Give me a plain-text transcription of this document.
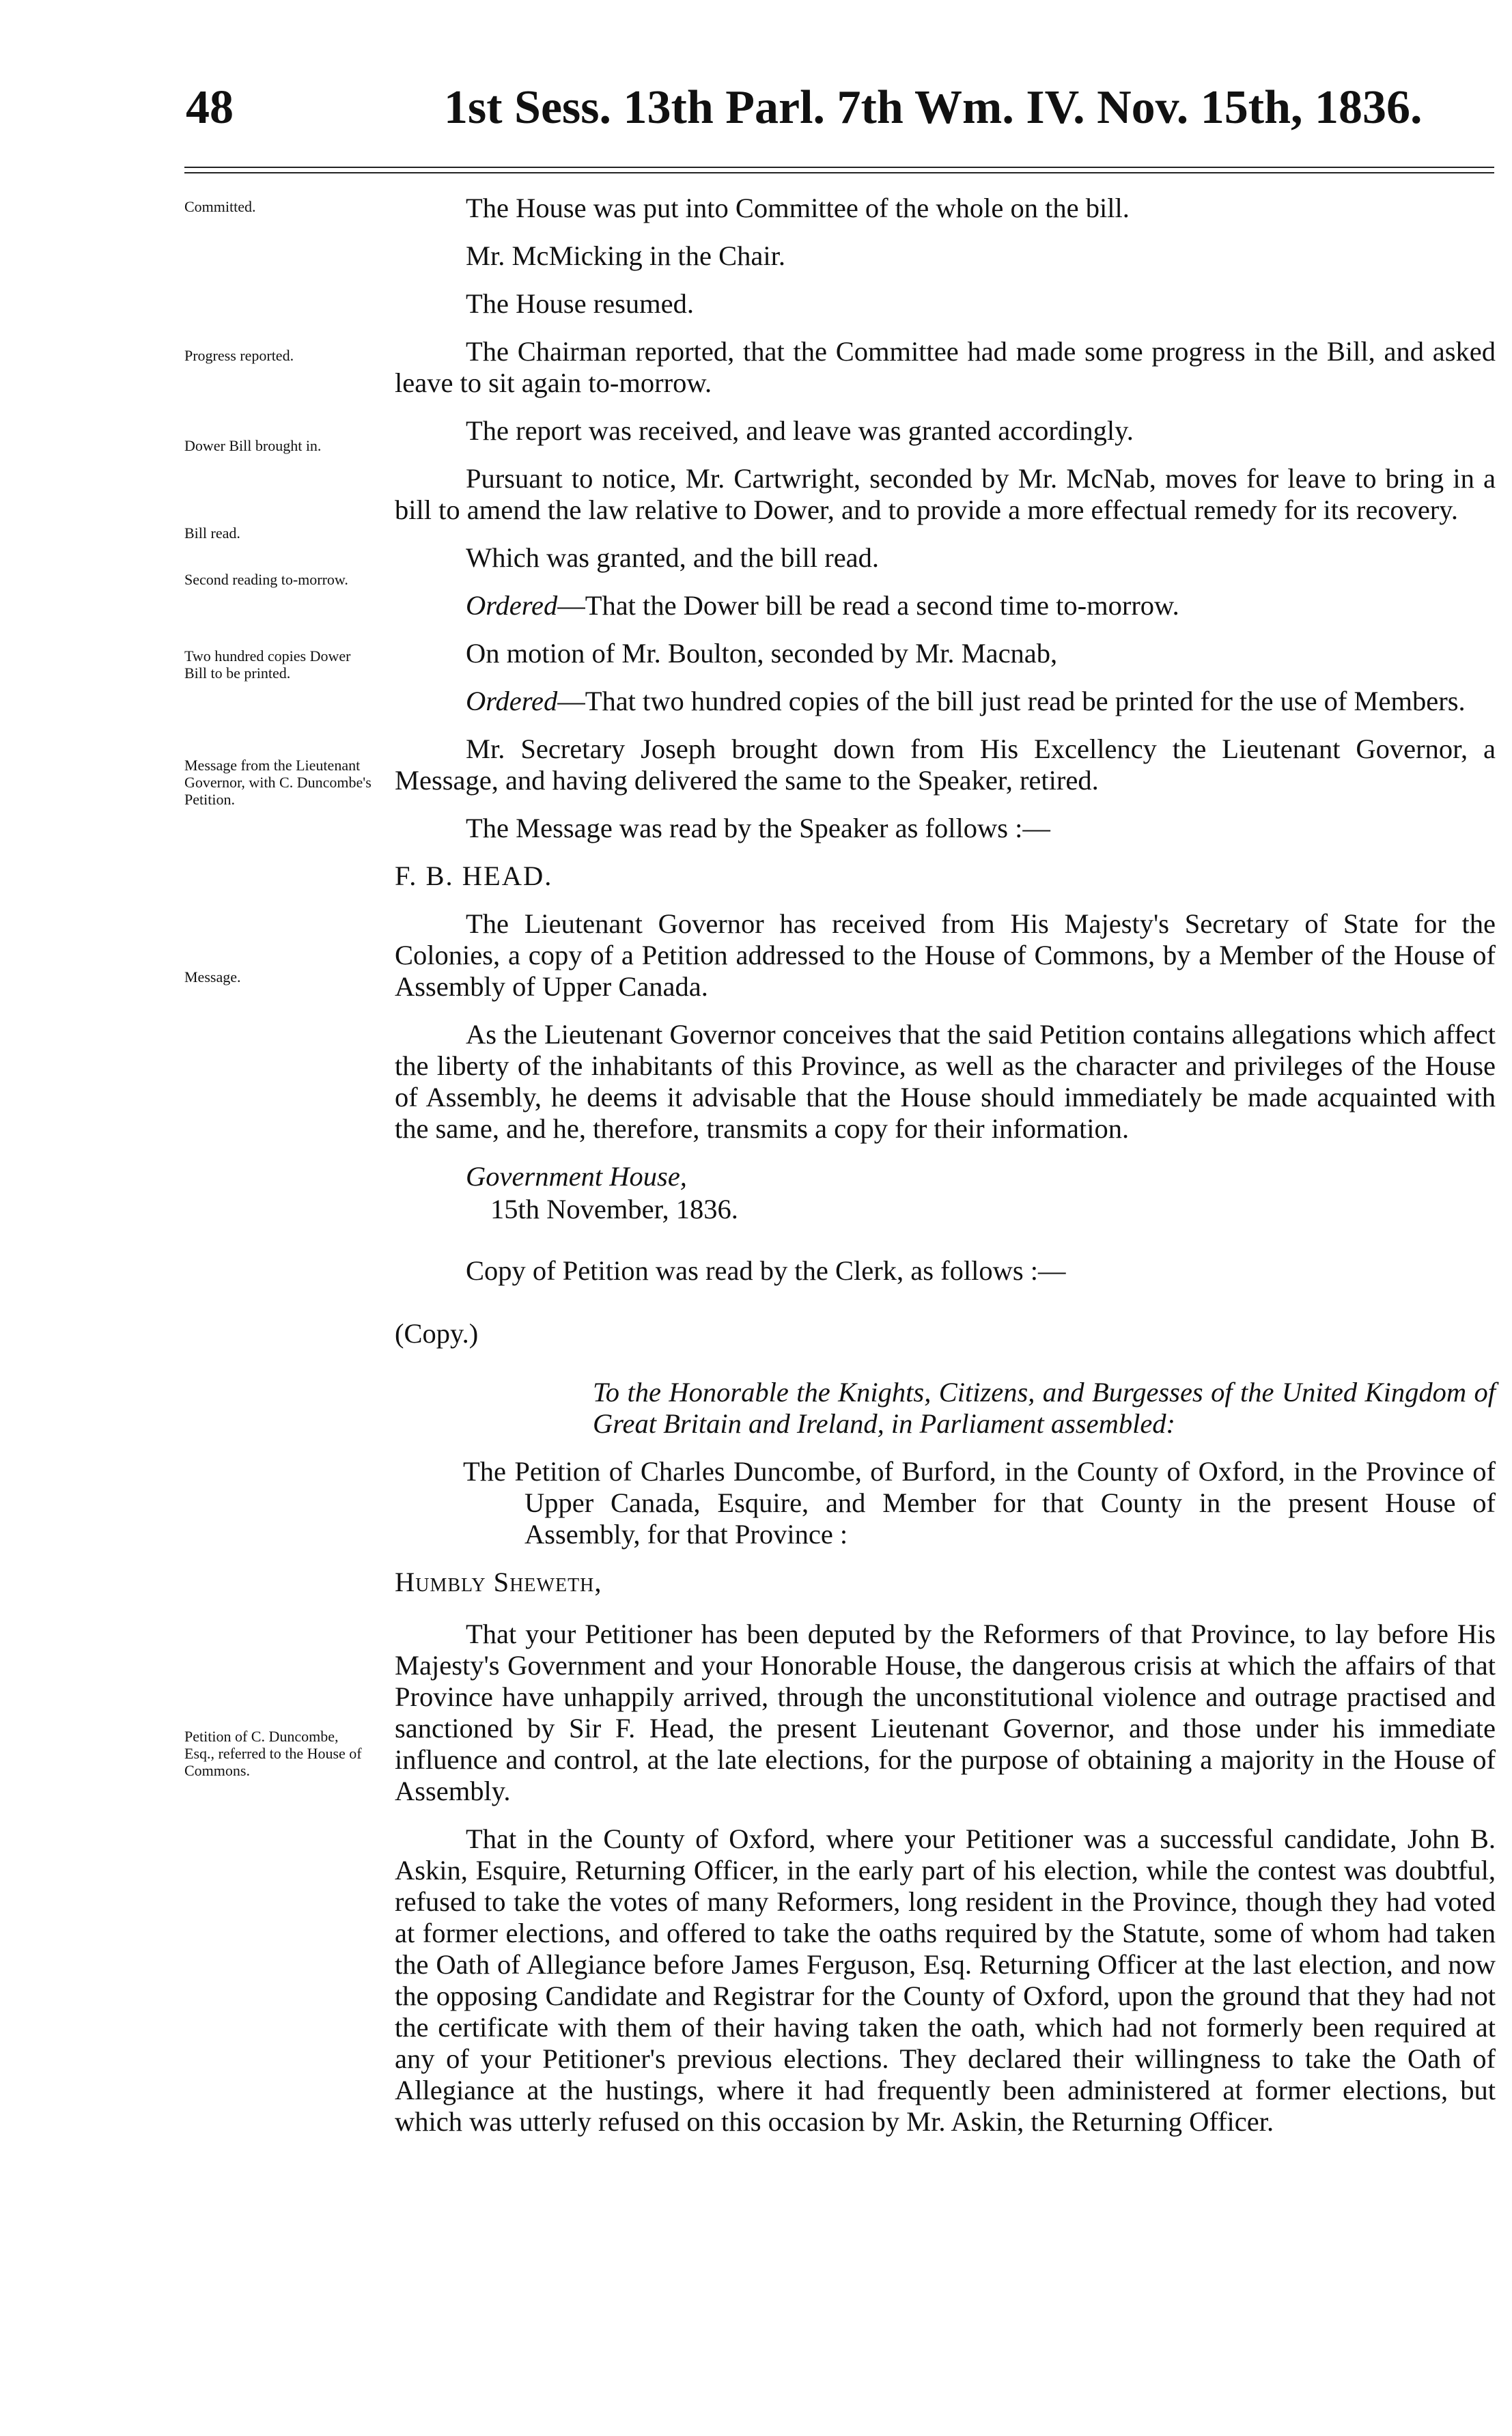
48	1st Sess. 13th Parl. 7th Wm. IV. Nov. 15th, 1836.
Committed.
Progress reported.
Dower Bill brought in.
Bill read.
Second reading to-morrow.
Two hundred copies Dower Bill to be printed.
Message from the Lieutenant Governor, with C. Duncombe's Petition.
Message.
Petition of C. Duncombe, Esq., referred to the House of Commons.

The House was put into Committee of the whole on the bill.

Mr. McMicking in the Chair.

The House resumed.

The Chairman reported, that the Committee had made some progress in the Bill, and asked leave to sit again to-morrow.

The report was received, and leave was granted accordingly.

Pursuant to notice, Mr. Cartwright, seconded by Mr. McNab, moves for leave to bring in a bill to amend the law relative to Dower, and to provide a more effectual remedy for its recovery.

Which was granted, and the bill read.

Ordered—That the Dower bill be read a second time to-morrow.

On motion of Mr. Boulton, seconded by Mr. Macnab,

Ordered—That two hundred copies of the bill just read be printed for the use of Members.

Mr. Secretary Joseph brought down from His Excellency the Lieutenant Governor, a Message, and having delivered the same to the Speaker, retired.

The Message was read by the Speaker as follows :—

F. B. HEAD.

The Lieutenant Governor has received from His Majesty's Secretary of State for the Colonies, a copy of a Petition addressed to the House of Commons, by a Member of the House of Assembly of Upper Canada.

As the Lieutenant Governor conceives that the said Petition contains allegations which affect the liberty of the inhabitants of this Province, as well as the character and privileges of the House of Assembly, he deems it advisable that the House should immediately be made acquainted with the same, and he, therefore, transmits a copy for their information.

Government House,

15th November, 1836.

Copy of Petition was read by the Clerk, as follows :—

(Copy.)

To the Honorable the Knights, Citizens, and Burgesses of the United Kingdom of Great Britain and Ireland, in Parliament assembled:

The Petition of Charles Duncombe, of Burford, in the County of Oxford, in the Province of Upper Canada, Esquire, and Member for that County in the present House of Assembly, for that Province :

Humbly Sheweth,

That your Petitioner has been deputed by the Reformers of that Province, to lay before His Majesty's Government and your Honorable House, the dangerous crisis at which the affairs of that Province have unhappily arrived, through the unconstitutional violence and outrage practised and sanctioned by Sir F. Head, the present Lieutenant Governor, and those under his immediate influence and control, at the late elections, for the purpose of obtaining a majority in the House of Assembly.

That in the County of Oxford, where your Petitioner was a successful candidate, John B. Askin, Esquire, Returning Officer, in the early part of his election, while the contest was doubtful, refused to take the votes of many Reformers, long resident in the Province, though they had voted at former elections, and offered to take the oaths required by the Statute, some of whom had taken the Oath of Allegiance before James Ferguson, Esq. Returning Officer at the last election, and now the opposing Candidate and Registrar for the County of Oxford, upon the ground that they had not the certificate with them of their having taken the oath, which had not formerly been required at any of your Petitioner's previous elections. They declared their willingness to take the Oath of Allegiance at the hustings, where it had frequently been administered at former elections, but which was utterly refused on this occasion by Mr. Askin, the Returning Officer.
